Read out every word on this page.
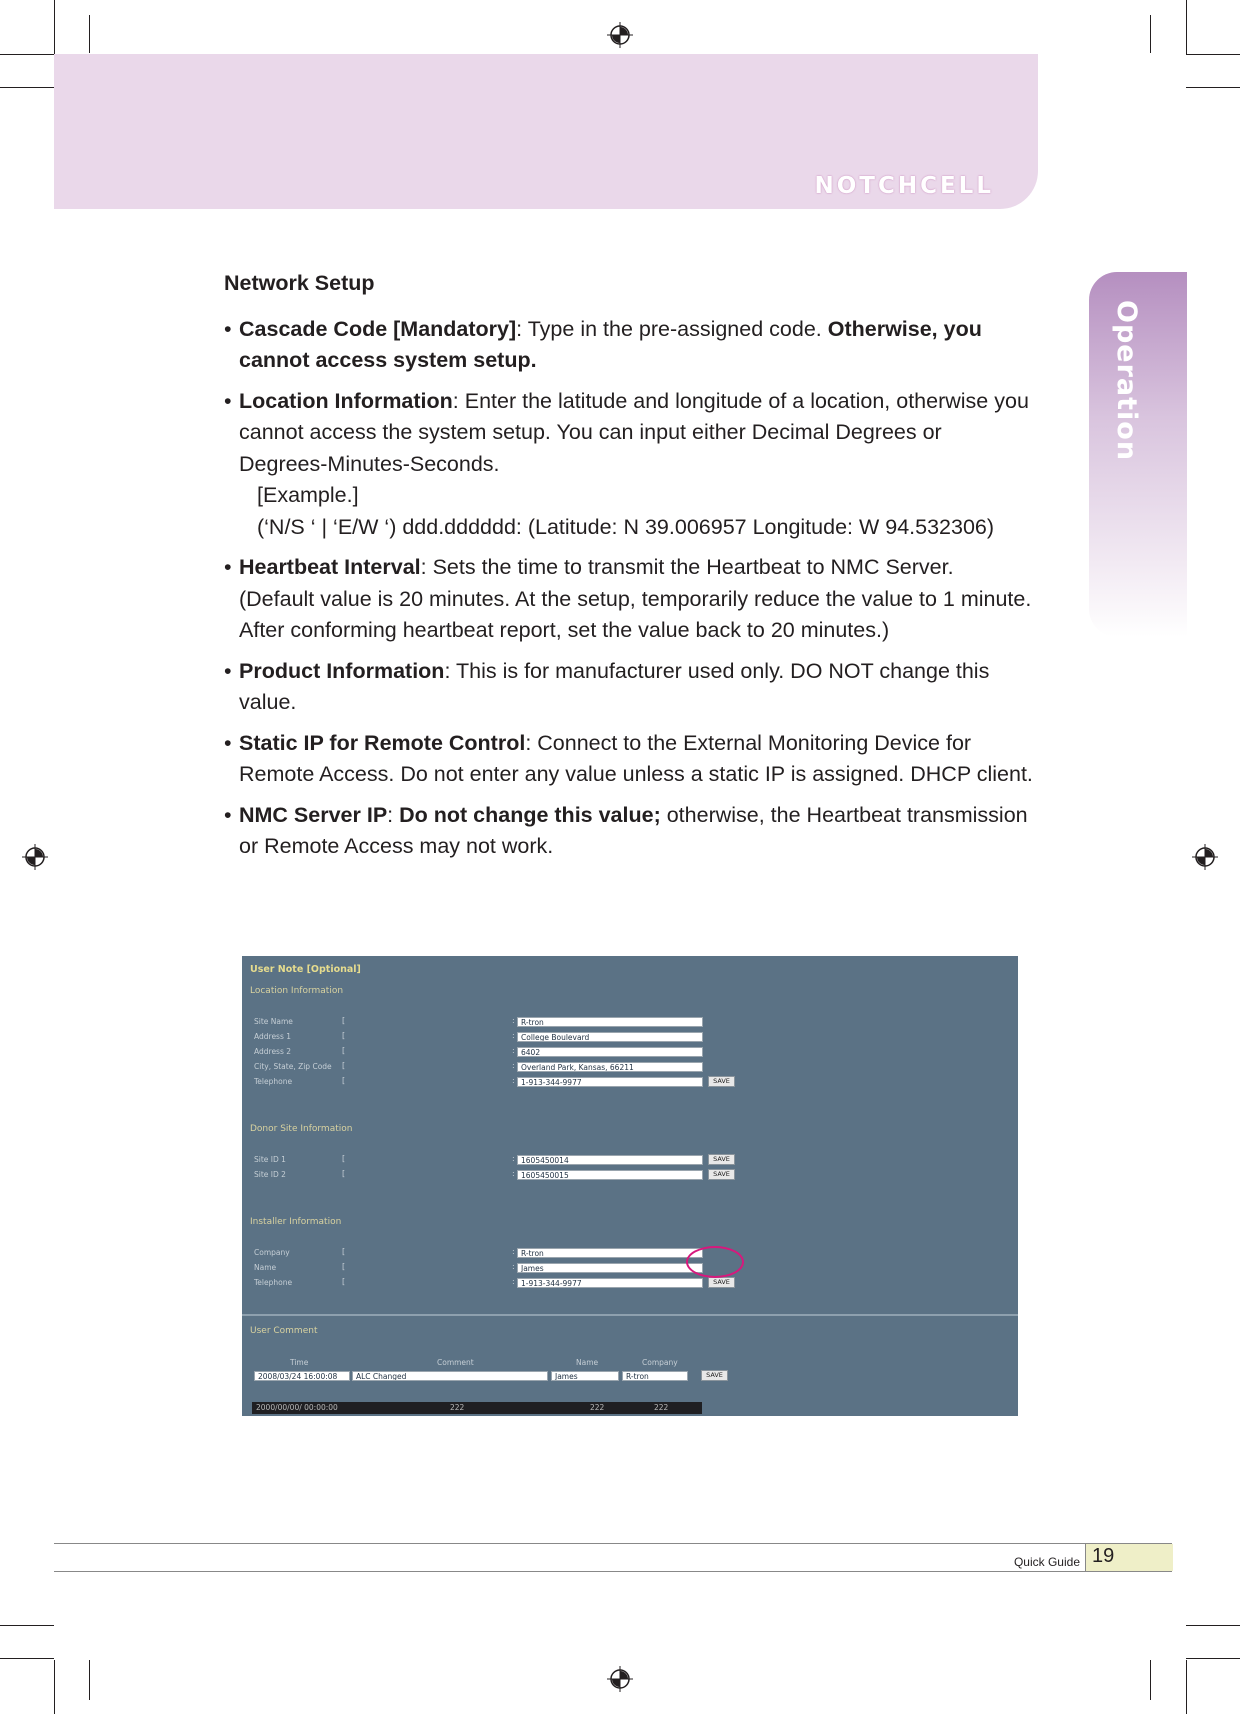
NOTCHCELL
Operation
Network Setup
• Cascade Code [Mandatory]: Type in the pre-assigned code. Otherwise, you cannot access system setup.
• Location Information: Enter the latitude and longitude of a location, otherwise you cannot access the system setup. You can input either Decimal Degrees or Degrees-Minutes-Seconds.
[Example.]
(‘N/S ‘ | ‘E/W ‘) ddd.dddddd: (Latitude: N 39.006957 Longitude: W 94.532306)
• Heartbeat Interval: Sets the time to transmit the Heartbeat to NMC Server.
(Default value is 20 minutes. At the setup, temporarily reduce the value to 1 minute. After conforming heartbeat report, set the value back to 20 minutes.)
• Product Information: This is for manufacturer used only. DO NOT change this value.
• Static IP for Remote Control: Connect to the External Monitoring Device for Remote Access. Do not enter any value unless a static IP is assigned. DHCP client.
• NMC Server IP: Do not change this value; otherwise, the Heartbeat transmission or Remote Access may not work.
User Note [Optional]
Location Information
Site Name	[	: R-tron
Address 1	[	: College Boulevard
Address 2	[	: 6402
City, State, Zip Code [	: Overland Park, Kansas, 66211
Telephone	[	: 1-913-344-9977	SAVE
Donor Site Information
Site ID 1	[	: 1605450014	SAVE
Site ID 2	[	: 1605450015	SAVE
Installer Information
Company	[	: R-tron
Name	[	: James
Telephone	[	: 1-913-344-9977	SAVE
User Comment
Time	Comment	Name	Company
2008/03/24 16:00:08	ALC Changed	James	R-tron	SAVE
2000/00/00/ 00:00:00	222	222	222
Quick Guide 19
